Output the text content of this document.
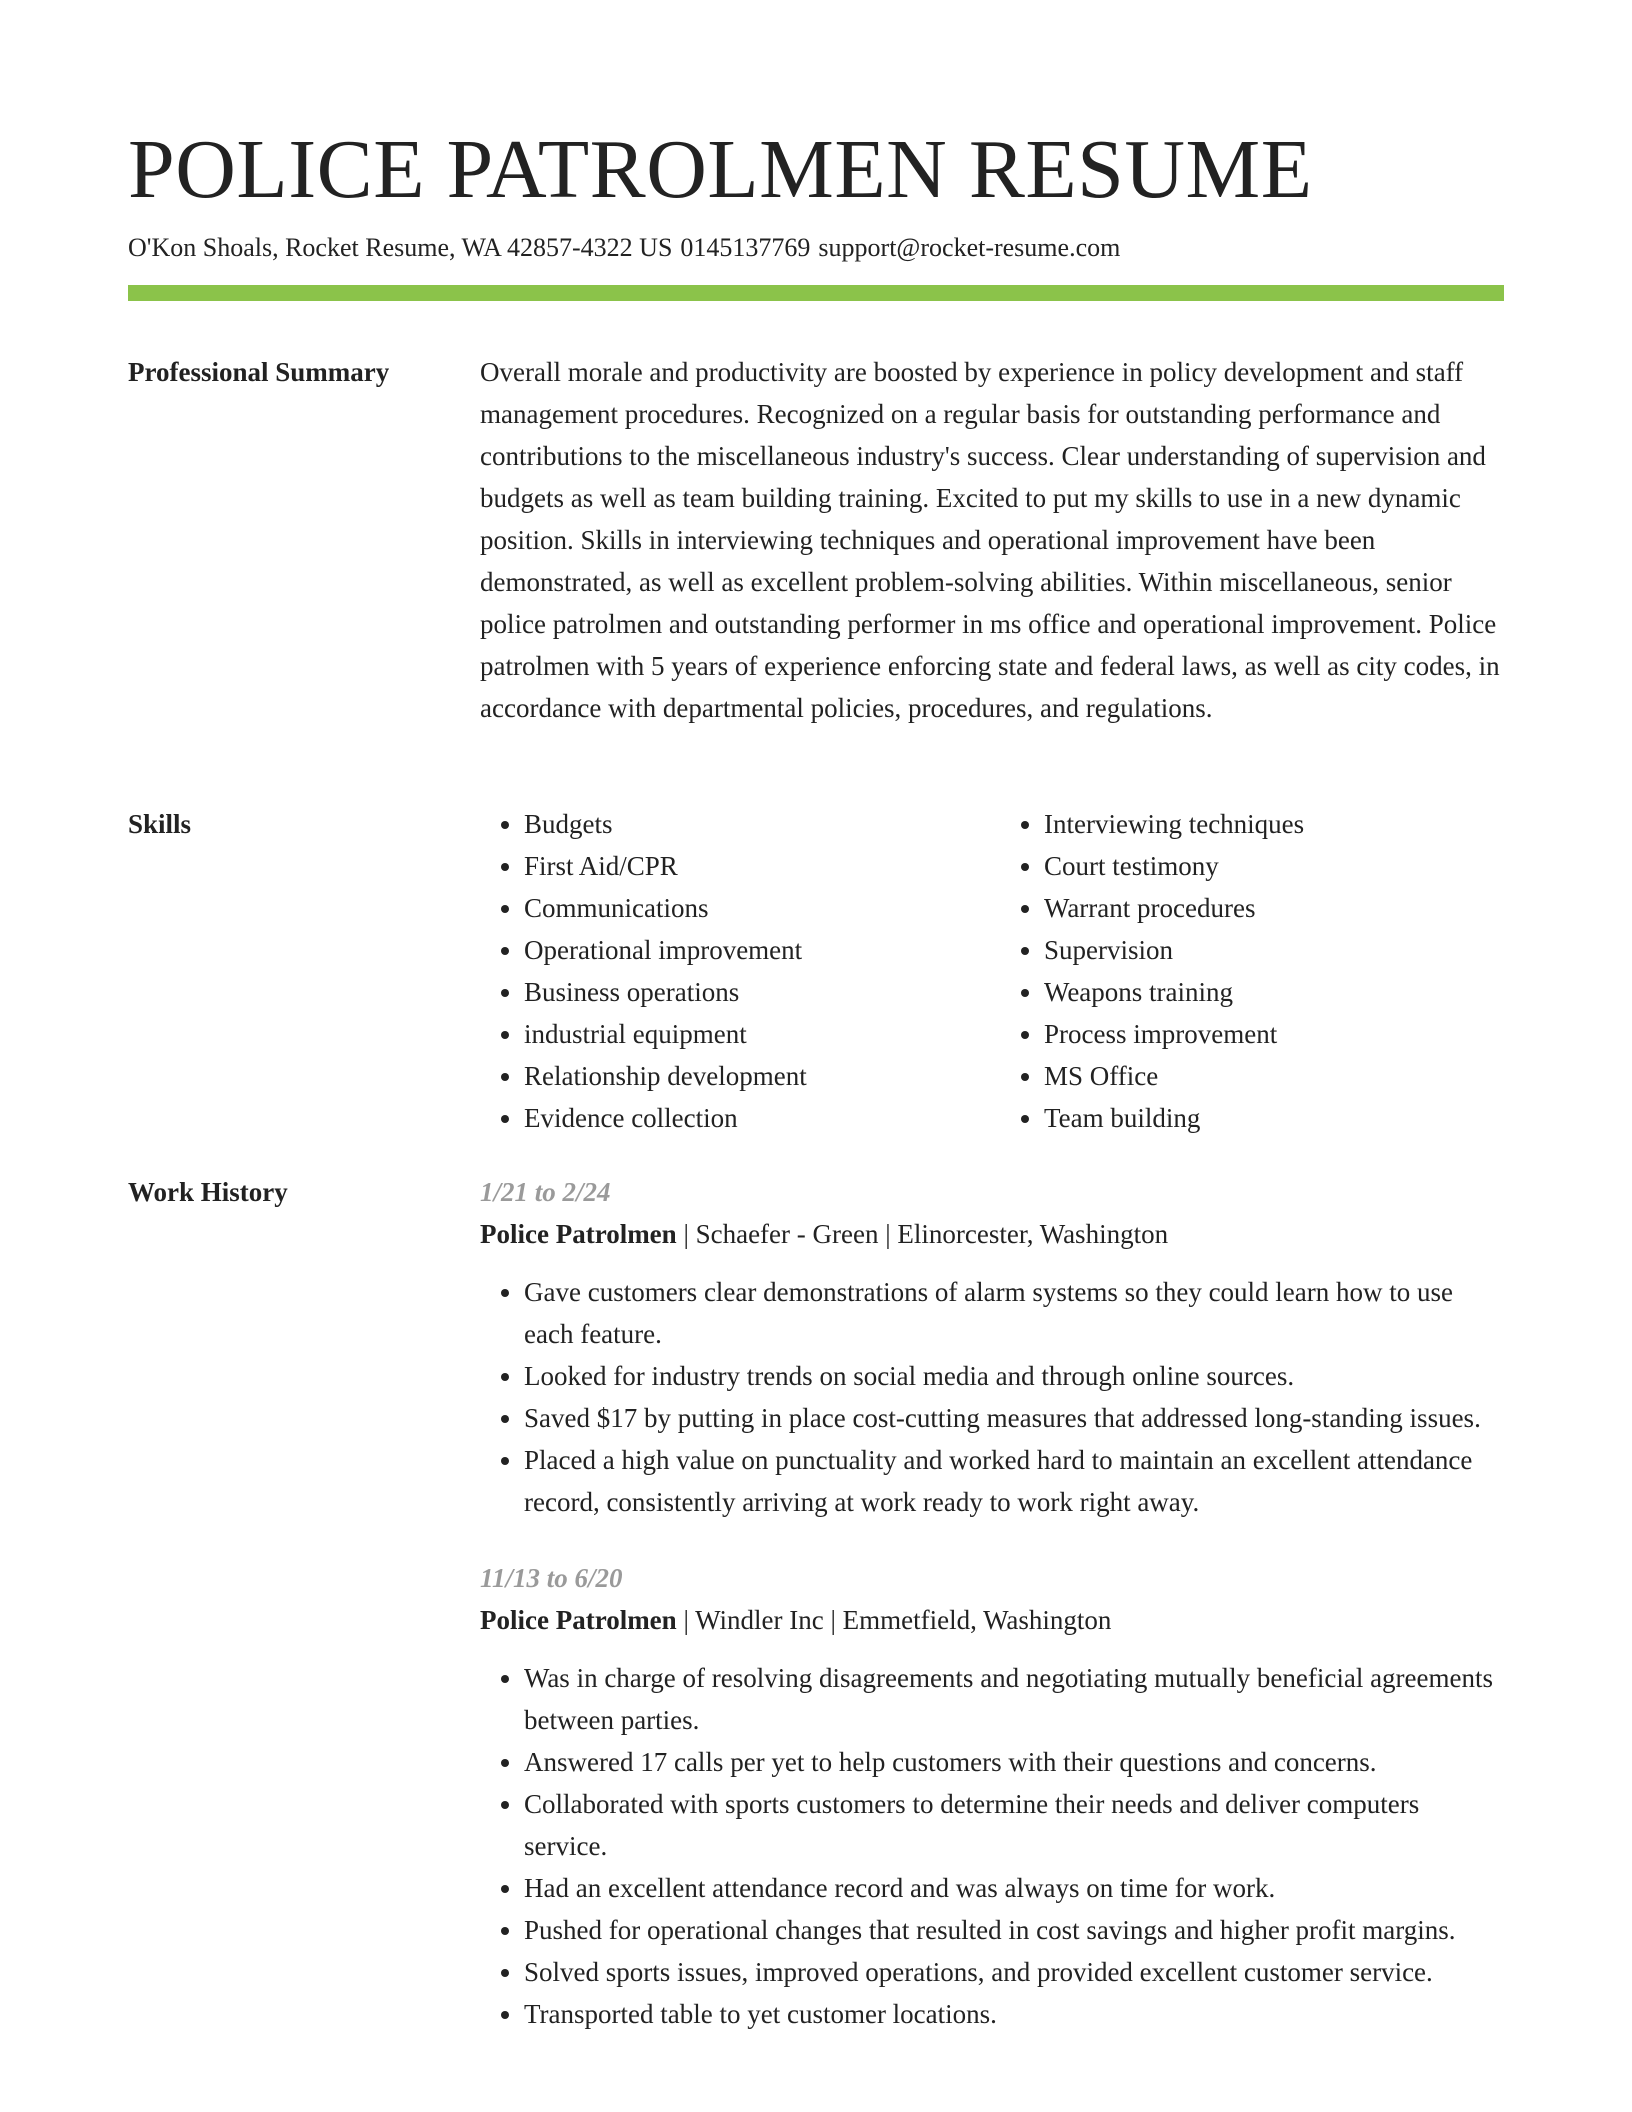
POLICE PATROLMEN RESUME
O'Kon Shoals, Rocket Resume, WA 42857-4322 US 0145137769 support@rocket-resume.com
Professional Summary	Overall morale and productivity are boosted by experience in policy development and staff management procedures. Recognized on a regular basis for outstanding performance and contributions to the miscellaneous industry's success. Clear understanding of supervision and budgets as well as team building training. Excited to put my skills to use in a new dynamic position. Skills in interviewing techniques and operational improvement have been demonstrated, as well as excellent problem-solving abilities. Within miscellaneous, senior police patrolmen and outstanding performer in ms office and operational improvement. Police patrolmen with 5 years of experience enforcing state and federal laws, as well as city codes, in accordance with departmental policies, procedures, and regulations.

Skills
•	Budgets
• First Aid/CPR
• Communications
• Operational improvement
• Business operations
• industrial equipment
• Relationship development
• Evidence collection
• Interviewing techniques
• Court testimony
• Warrant procedures
• Supervision
• Weapons training
• Process improvement
• MS Office
• Team building
Work History	1/21 to 2/24
Police Patrolmen | Schaefer - Green | Elinorcester, Washington
• Gave customers clear demonstrations of alarm systems so they could learn how to use each feature.
• Looked for industry trends on social media and through online sources.
• Saved $17 by putting in place cost-cutting measures that addressed long-standing issues.
• Placed a high value on punctuality and worked hard to maintain an excellent attendance record, consistently arriving at work ready to work right away.
11/13 to 6/20
Police Patrolmen | Windler Inc | Emmetfield, Washington
• Was in charge of resolving disagreements and negotiating mutually beneficial agreements between parties.
• Answered 17 calls per yet to help customers with their questions and concerns.
• Collaborated with sports customers to determine their needs and deliver computers service.
• Had an excellent attendance record and was always on time for work.
• Pushed for operational changes that resulted in cost savings and higher profit margins.
• Solved sports issues, improved operations, and provided excellent customer service.
• Transported table to yet customer locations.
